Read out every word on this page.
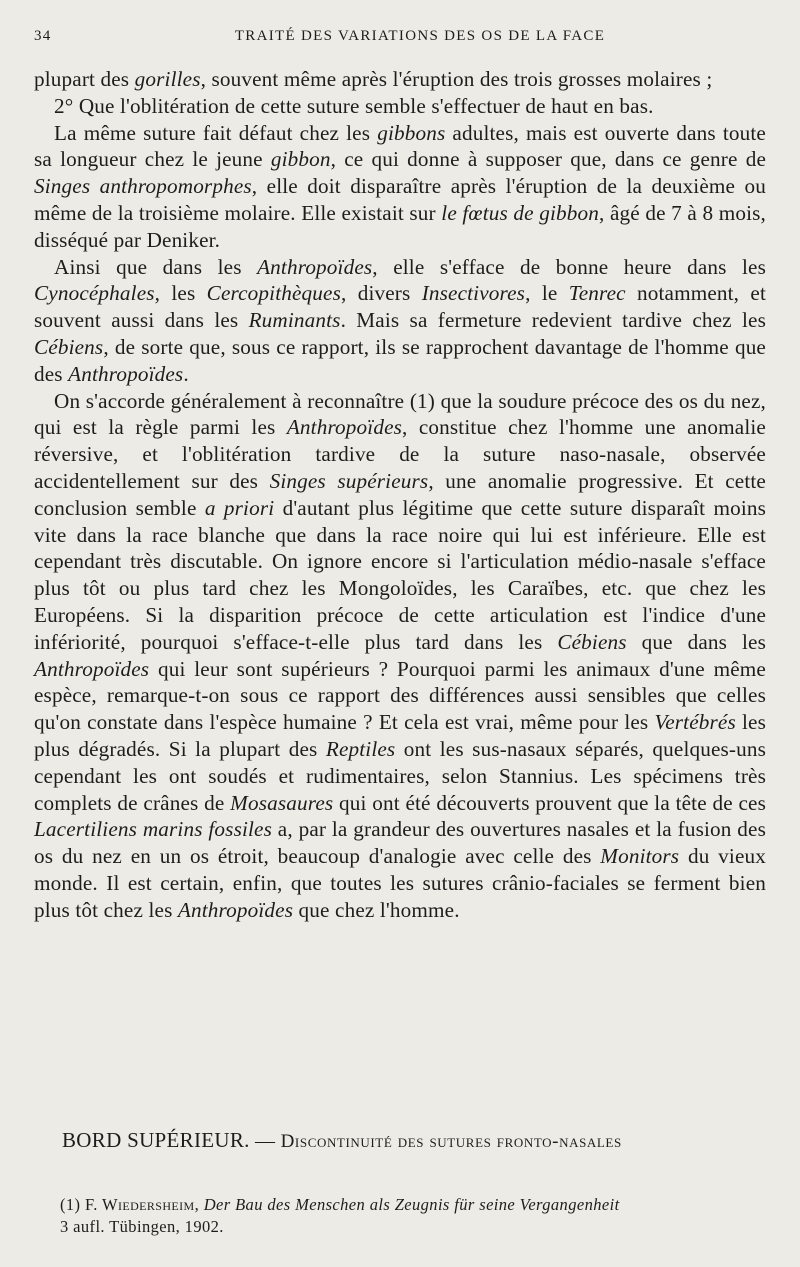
34	TRAITÉ DES VARIATIONS DES OS DE LA FACE

plupart des gorilles, souvent même après l'éruption des trois grosses molaires ;

2° Que l'oblitération de cette suture semble s'effectuer de haut en bas.

La même suture fait défaut chez les gibbons adultes, mais est ouverte dans toute sa longueur chez le jeune gibbon, ce qui donne à supposer que, dans ce genre de Singes anthropomorphes, elle doit disparaître après l'éruption de la deuxième ou même de la troisième molaire. Elle existait sur le fœtus de gibbon, âgé de 7 à 8 mois, disséqué par Deniker.

Ainsi que dans les Anthropoïdes, elle s'efface de bonne heure dans les Cynocéphales, les Cercopithèques, divers Insectivores, le Tenrec notamment, et souvent aussi dans les Ruminants. Mais sa fermeture redevient tardive chez les Cébiens, de sorte que, sous ce rapport, ils se rapprochent davantage de l'homme que des Anthropoïdes.

On s'accorde généralement à reconnaître (1) que la soudure précoce des os du nez, qui est la règle parmi les Anthropoïdes, constitue chez l'homme une anomalie réversive, et l'oblitération tardive de la suture naso-nasale, observée accidentellement sur des Singes supérieurs, une anomalie progressive. Et cette conclusion semble a priori d'autant plus légitime que cette suture disparaît moins vite dans la race blanche que dans la race noire qui lui est inférieure. Elle est cependant très discutable. On ignore encore si l'articulation médio-nasale s'efface plus tôt ou plus tard chez les Mongoloïdes, les Caraïbes, etc. que chez les Européens. Si la disparition précoce de cette articulation est l'indice d'une infériorité, pourquoi s'efface-t-elle plus tard dans les Cébiens que dans les Anthropoïdes qui leur sont supérieurs ? Pourquoi parmi les animaux d'une même espèce, remarque-t-on sous ce rapport des différences aussi sensibles que celles qu'on constate dans l'espèce humaine ? Et cela est vrai, même pour les Vertébrés les plus dégradés. Si la plupart des Reptiles ont les sus-nasaux séparés, quelques-uns cependant les ont soudés et rudimentaires, selon Stannius. Les spécimens très complets de crânes de Mosasaures qui ont été découverts prouvent que la tête de ces Lacertiliens marins fossiles a, par la grandeur des ouvertures nasales et la fusion des os du nez en un os étroit, beaucoup d'analogie avec celle des Monitors du vieux monde. Il est certain, enfin, que toutes les sutures crânio-faciales se ferment bien plus tôt chez les Anthropoïdes que chez l'homme.

BORD SUPÉRIEUR. — Discontinuité des sutures fronto-nasales
(1) F. Wiedersheim, Der Bau des Menschen als Zeugnis für seine Vergangenheit
3 aufl. Tübingen, 1902.
